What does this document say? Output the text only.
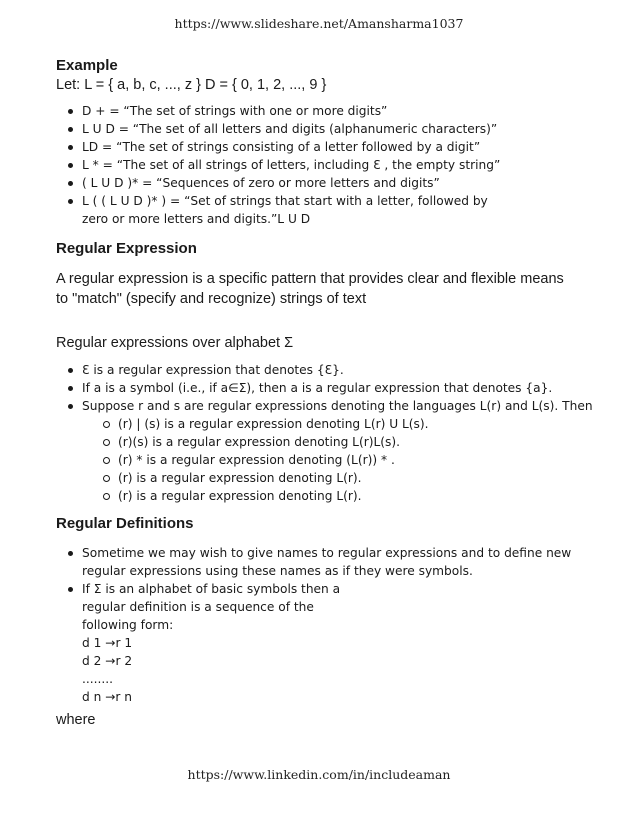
https://www.slideshare.net/Amansharma1037
Example
Let: L = { a, b, c, ..., z } D = { 0, 1, 2, ..., 9 }
D + = “The set of strings with one or more digits”
L U D = “The set of all letters and digits (alphanumeric characters)”
LD = “The set of strings consisting of a letter followed by a digit”
L * = “The set of all strings of letters, including Ɛ , the empty string”
( L U D )* = “Sequences of zero or more letters and digits”
L ( ( L U D )* ) = “Set of strings that start with a letter, followed by zero or more letters and digits.”L U D
Regular Expression
A regular expression is a specific pattern that provides clear and flexible means to "match" (specify and recognize) strings of text
Regular expressions over alphabet Σ
Ɛ is a regular expression that denotes {Ɛ}.
If a is a symbol (i.e., if a∈Σ), then a is a regular expression that denotes {a}.
Suppose r and s are regular expressions denoting the languages L(r) and L(s). Then
(r) | (s) is a regular expression denoting L(r) U L(s).
(r)(s) is a regular expression denoting L(r)L(s).
(r) * is a regular expression denoting (L(r)) * .
(r) is a regular expression denoting L(r).
(r) is a regular expression denoting L(r).
Regular Definitions
Sometime we may wish to give names to regular expressions and to define new regular expressions using these names as if they were symbols.
If Σ is an alphabet of basic symbols then a regular definition is a sequence of the following form:
d 1 →r 1
d 2 →r 2
........
d n →r n
where
https://www.linkedin.com/in/includeaman
